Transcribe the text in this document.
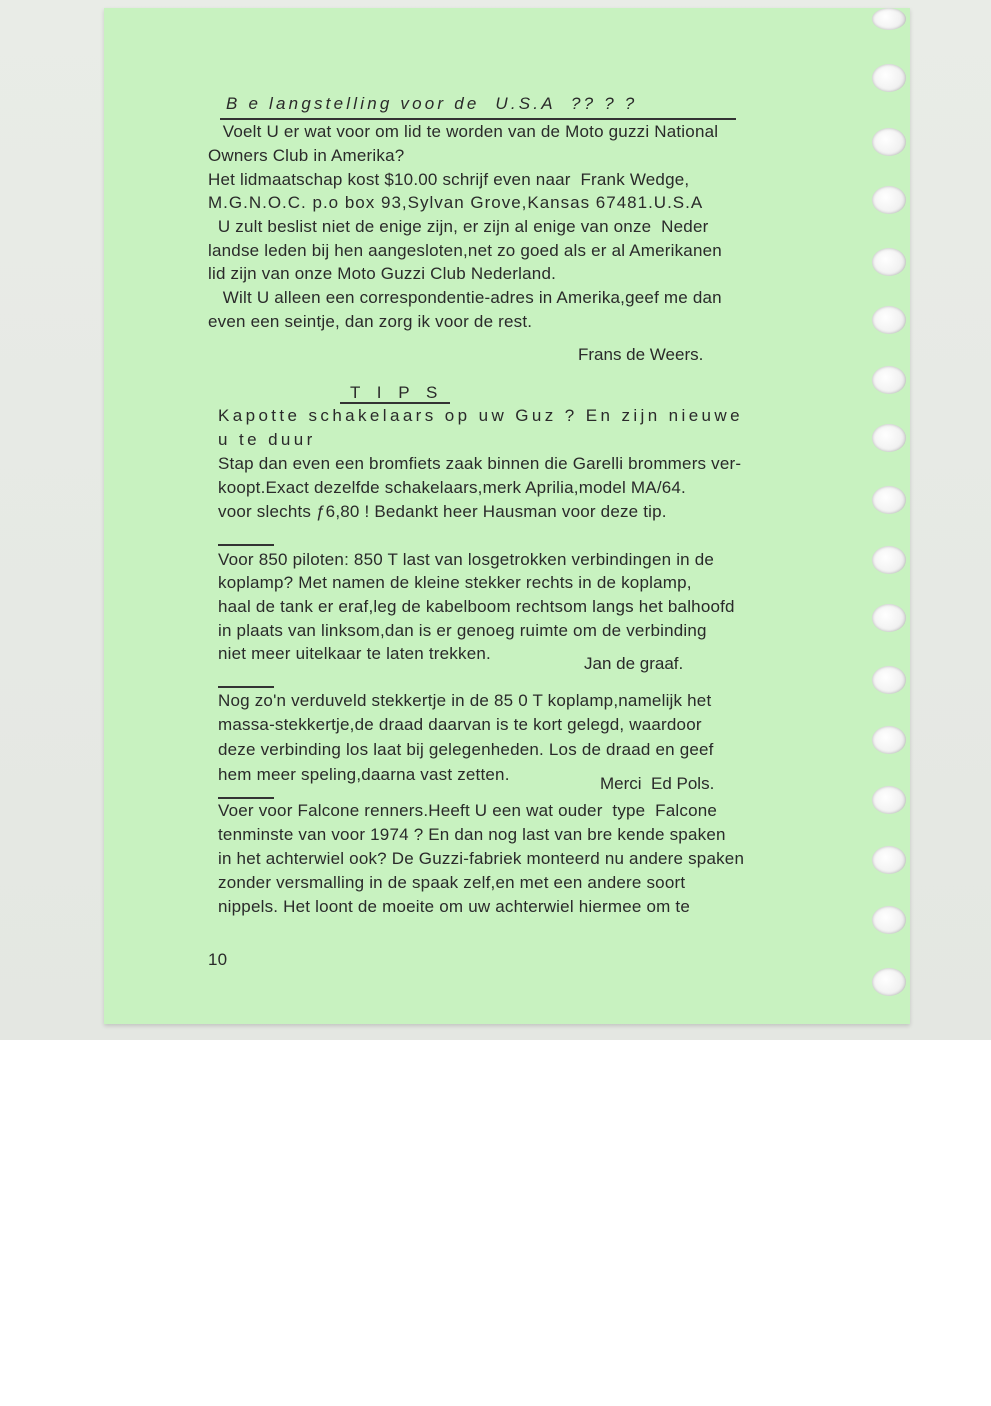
B e langstelling voor de  U.S.A  ?? ? ?
Voelt U er wat voor om lid te worden van de Moto guzzi National
Owners Club in Amerika?
Het lidmaatschap kost $10.00 schrijf even naar  Frank Wedge,
M.G.N.O.C. p.o box 93,Sylvan Grove,Kansas 67481.U.S.A
U zult beslist niet de enige zijn, er zijn al enige van onze  Neder
landse leden bij hen aangesloten,net zo goed als er al Amerikanen
lid zijn van onze Moto Guzzi Club Nederland.
Wilt U alleen een correspondentie-adres in Amerika,geef me dan
even een seintje, dan zorg ik voor de rest.
Frans de Weers.
T I P S
Kapotte schakelaars op uw Guz ? En zijn nieuwe
u te duur
Stap dan even een bromfiets zaak binnen die Garelli brommers ver-
koopt.Exact dezelfde schakelaars,merk Aprilia,model MA/64.
voor slechts ƒ6,80 ! Bedankt heer Hausman voor deze tip.
Voor 850 piloten: 850 T last van losgetrokken verbindingen in de
koplamp? Met namen de kleine stekker rechts in de koplamp,
haal de tank er eraf,leg de kabelboom rechtsom langs het balhoofd
in plaats van linksom,dan is er genoeg ruimte om de verbinding
niet meer uitelkaar te laten trekken.
Jan de graaf.
Nog zo'n verduveld stekkertje in de 85 0 T koplamp,namelijk het
massa-stekkertje,de draad daarvan is te kort gelegd, waardoor
deze verbinding los laat bij gelegenheden. Los de draad en geef
hem meer speling,daarna vast zetten.	Merci  Ed Pols.
Voer voor Falcone renners.Heeft U een wat ouder  type  Falcone
tenminste van voor 1974 ? En dan nog last van bre kende spaken
in het achterwiel ook? De Guzzi-fabriek monteerd nu andere spaken
zonder versmalling in de spaak zelf,en met een andere soort
nippels. Het loont de moeite om uw achterwiel hiermee om te
10
